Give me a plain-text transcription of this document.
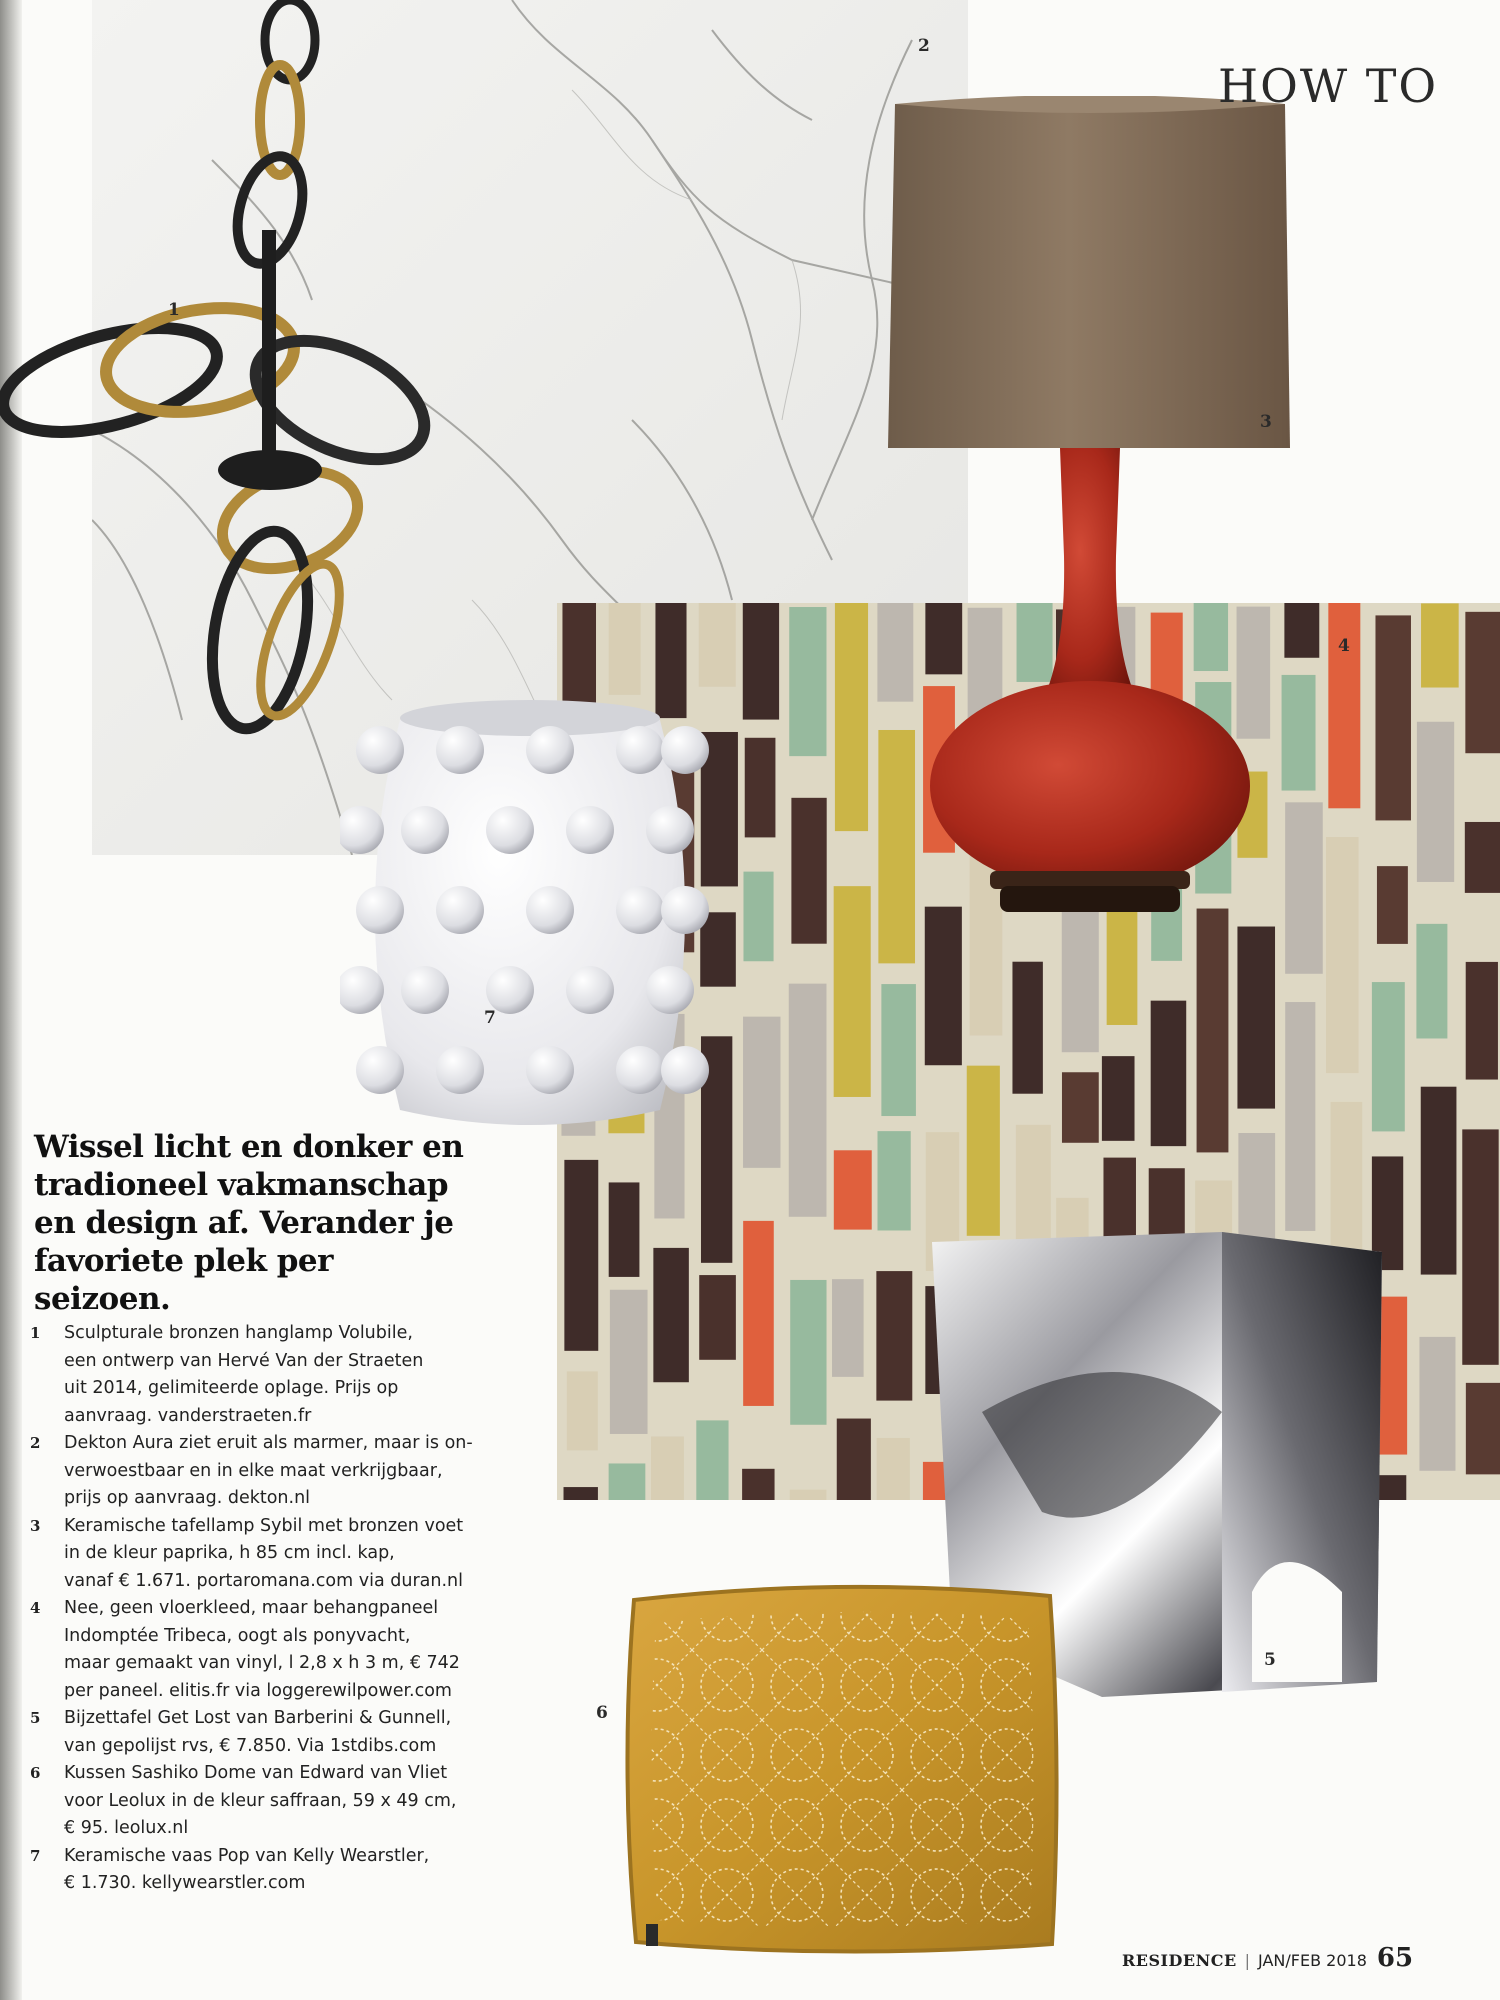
HOW TO
1
2
3
4
5
6
7
Wissel licht en donker en
tradioneel vakmanschap
en design af. Verander je
favoriete plek per seizoen.
1 Sculpturale bronzen hanglamp Volubile,
een ontwerp van Hervé Van der Straeten
uit 2014, gelimiteerde oplage. Prijs op
aanvraag. vanderstraeten.fr
2 Dekton Aura ziet eruit als marmer, maar is on-
verwoestbaar en in elke maat verkrijgbaar,
prijs op aanvraag. dekton.nl
3 Keramische tafellamp Sybil met bronzen voet
in de kleur paprika, h 85 cm incl. kap,
vanaf € 1.671. portaromana.com via duran.nl
4 Nee, geen vloerkleed, maar behangpaneel
Indomptée Tribeca, oogt als ponyvacht,
maar gemaakt van vinyl, l 2,8 x h 3 m, € 742
per paneel. elitis.fr via loggerewilpower.com
5 Bijzettafel Get Lost van Barberini & Gunnell,
van gepolijst rvs, € 7.850. Via 1stdibs.com
6 Kussen Sashiko Dome van Edward van Vliet
voor Leolux in de kleur saffraan, 59 x 49 cm,
€ 95. leolux.nl
7 Keramische vaas Pop van Kelly Wearstler,
€ 1.730. kellywearstler.com
RESIDENCE | JAN/FEB 2018 65
